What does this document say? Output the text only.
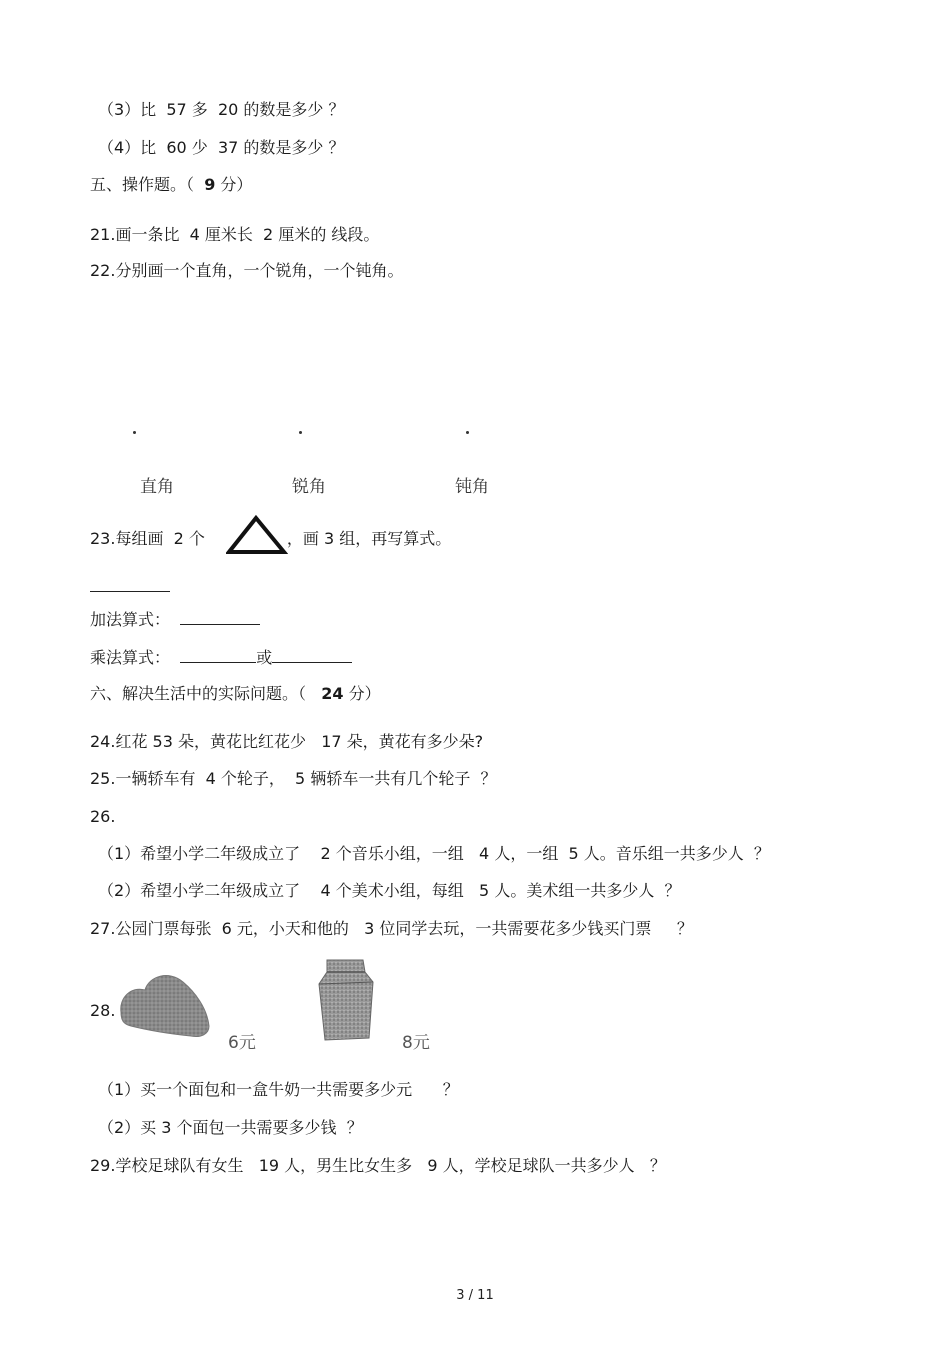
（3）比  57 多  20 的数是多少 ？
（4）比  60 少  37 的数是多少 ？
五、操作题。（  9 分）
21.画一条比  4 厘米长  2 厘米的 线段。
22.分别画一个直角，一个锐角，一个钝角。
直角	锐角	钝角
23.每组画  2 个	，画 3 组，再写算式。
加法算式：
乘法算式：	或
六、解决生活中的实际问题。（   24 分）
24.红花 53 朵，黄花比红花少   17 朵，黄花有多少朵?
25.一辆轿车有  4 个轮子，  5 辆轿车一共有几个轮子  ？
26.
（1）希望小学二年级成立了    2 个音乐小组，一组   4 人，一组  5 人。音乐组一共多少人  ？
（2）希望小学二年级成立了    4 个美术小组，每组   5 人。美术组一共多少人  ？
27.公园门票每张  6 元，小天和他的   3 位同学去玩，一共需要花多少钱买门票     ？
28.
6元	8元
（1）买一个面包和一盒牛奶一共需要多少元      ？
（2）买 3 个面包一共需要多少钱  ？
29.学校足球队有女生   19 人，男生比女生多   9 人，学校足球队一共多少人   ？
3 / 11
